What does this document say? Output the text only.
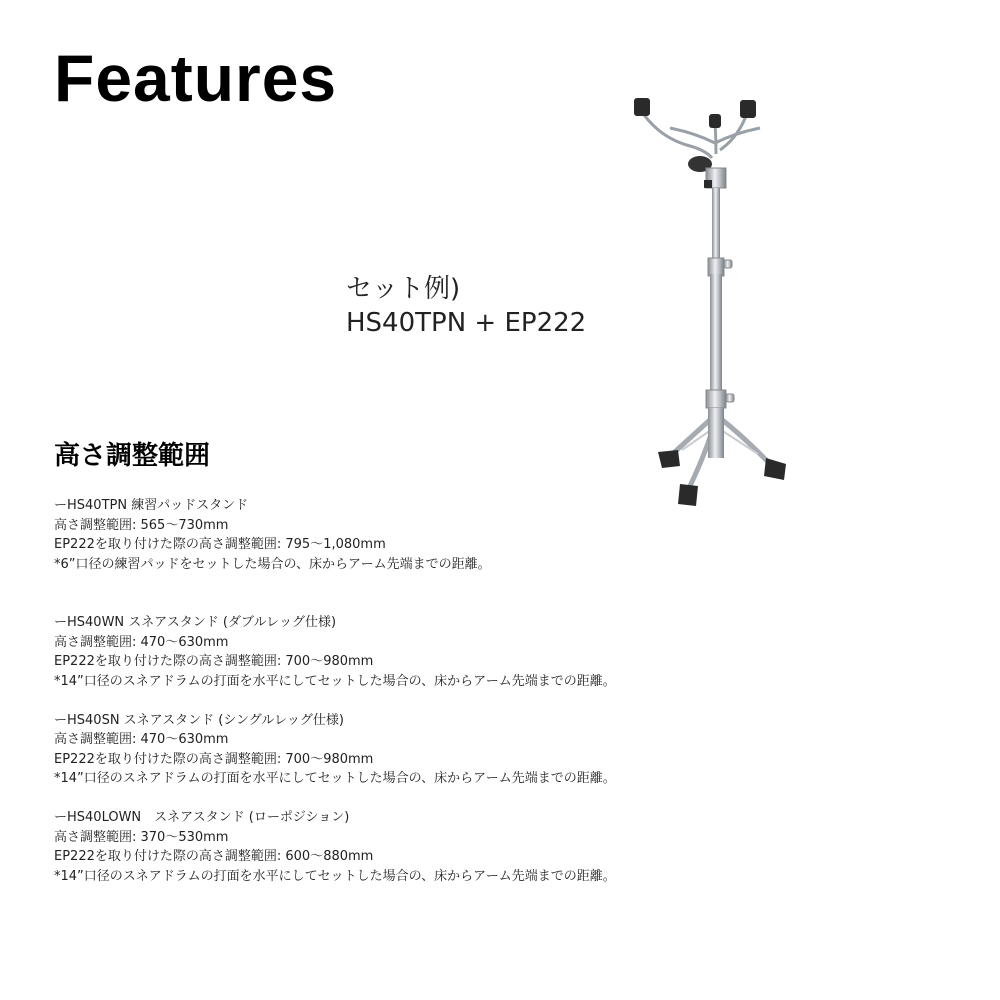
Features
セット例)
HS40TPN + EP222
高さ調整範囲
ーHS40TPN 練習パッドスタンド
高さ調整範囲: 565〜730mm
EP222を取り付けた際の高さ調整範囲: 795〜1,080mm
*6”口径の練習パッドをセットした場合の、床からアーム先端までの距離。
ーHS40WN スネアスタンド (ダブルレッグ仕様)
高さ調整範囲: 470〜630mm
EP222を取り付けた際の高さ調整範囲: 700〜980mm
*14”口径のスネアドラムの打面を水平にしてセットした場合の、床からアーム先端までの距離。
ーHS40SN スネアスタンド (シングルレッグ仕様)
高さ調整範囲: 470〜630mm
EP222を取り付けた際の高さ調整範囲: 700〜980mm
*14”口径のスネアドラムの打面を水平にしてセットした場合の、床からアーム先端までの距離。
ーHS40LOWN　スネアスタンド (ローポジション)
高さ調整範囲: 370〜530mm
EP222を取り付けた際の高さ調整範囲: 600〜880mm
*14”口径のスネアドラムの打面を水平にしてセットした場合の、床からアーム先端までの距離。
